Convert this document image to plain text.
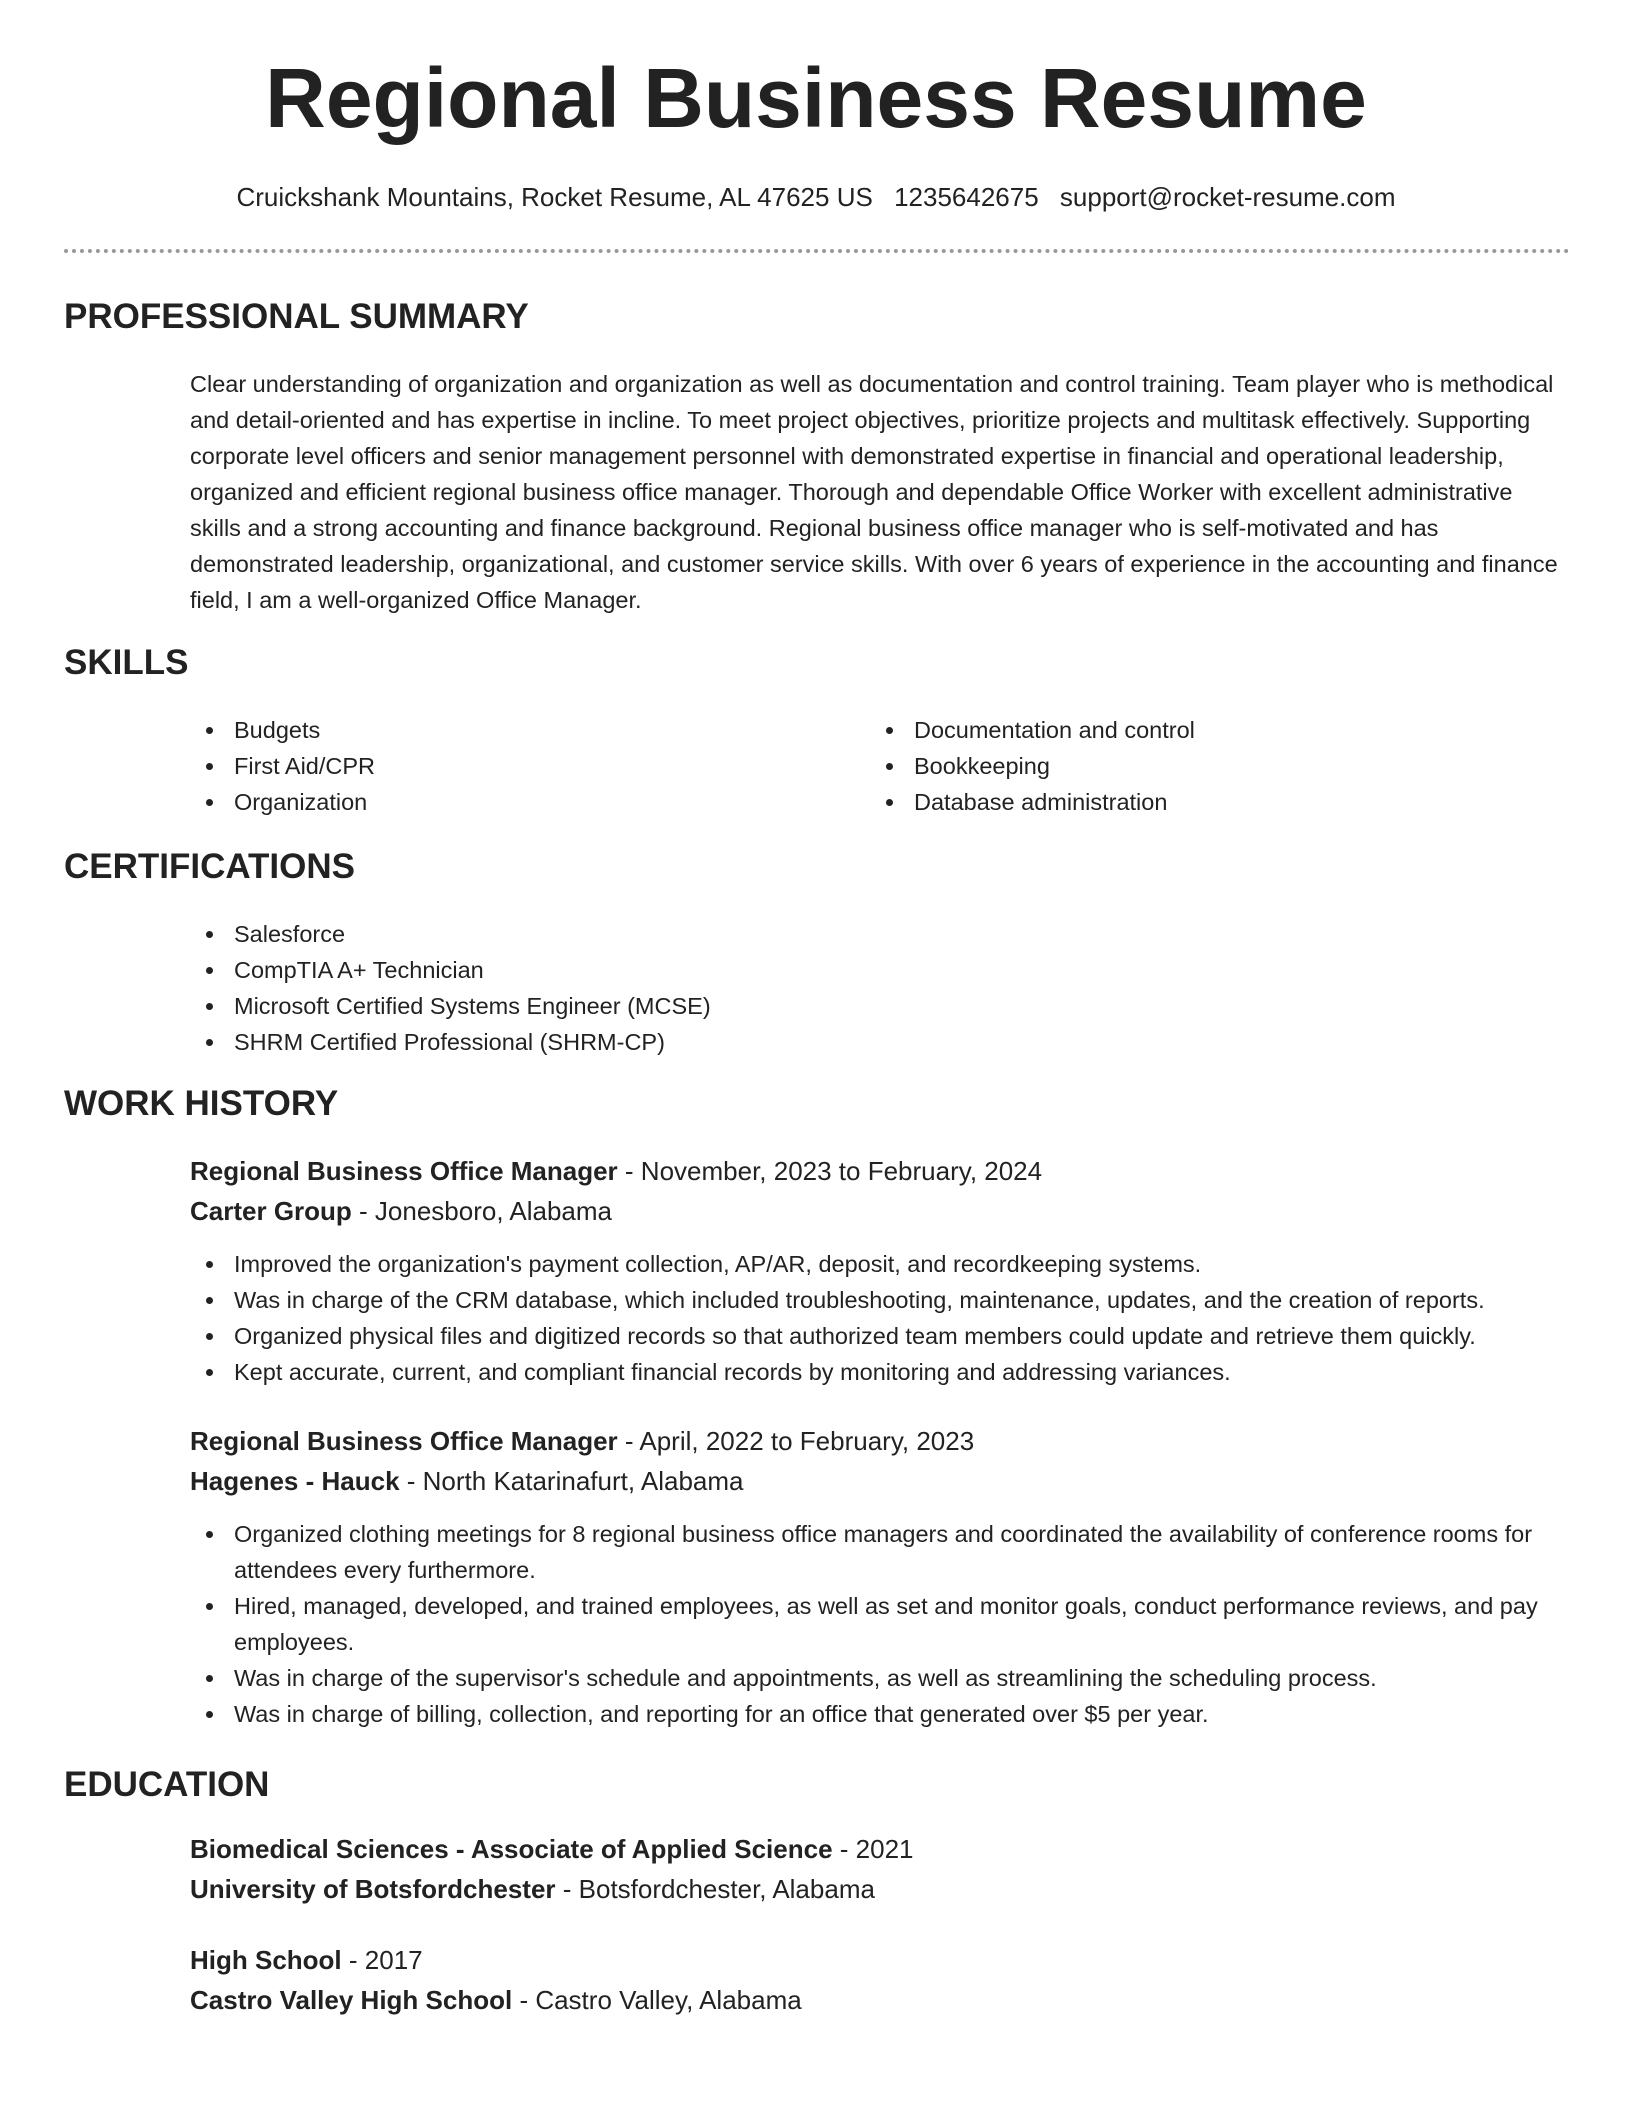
Regional Business Resume
Cruickshank Mountains, Rocket Resume, AL 47625 US 1235642675 support@rocket-resume.com
PROFESSIONAL SUMMARY

Clear understanding of organization and organization as well as documentation and control training. Team player who is methodical and detail-oriented and has expertise in incline. To meet project objectives, prioritize projects and multitask effectively. Supporting corporate level officers and senior management personnel with demonstrated expertise in financial and operational leadership, organized and efficient regional business office manager. Thorough and dependable Office Worker with excellent administrative skills and a strong accounting and finance background. Regional business office manager who is self-motivated and has demonstrated leadership, organizational, and customer service skills. With over 6 years of experience in the accounting and finance field, I am a well-organized Office Manager.

SKILLS
Budgets
First Aid/CPR
Organization
Documentation and control
Bookkeeping
Database administration
CERTIFICATIONS
Salesforce
CompTIA A+ Technician
Microsoft Certified Systems Engineer (MCSE)
SHRM Certified Professional (SHRM-CP)
WORK HISTORY
Regional Business Office Manager - November, 2023 to February, 2024
Carter Group - Jonesboro, Alabama
Improved the organization's payment collection, AP/AR, deposit, and recordkeeping systems.
Was in charge of the CRM database, which included troubleshooting, maintenance, updates, and the creation of reports.
Organized physical files and digitized records so that authorized team members could update and retrieve them quickly.
Kept accurate, current, and compliant financial records by monitoring and addressing variances.
Regional Business Office Manager - April, 2022 to February, 2023
Hagenes - Hauck - North Katarinafurt, Alabama
Organized clothing meetings for 8 regional business office managers and coordinated the availability of conference rooms for attendees every furthermore.
Hired, managed, developed, and trained employees, as well as set and monitor goals, conduct performance reviews, and pay employees.
Was in charge of the supervisor's schedule and appointments, as well as streamlining the scheduling process.
Was in charge of billing, collection, and reporting for an office that generated over $5 per year.
EDUCATION
Biomedical Sciences - Associate of Applied Science - 2021
University of Botsfordchester - Botsfordchester, Alabama
High School - 2017
Castro Valley High School - Castro Valley, Alabama
